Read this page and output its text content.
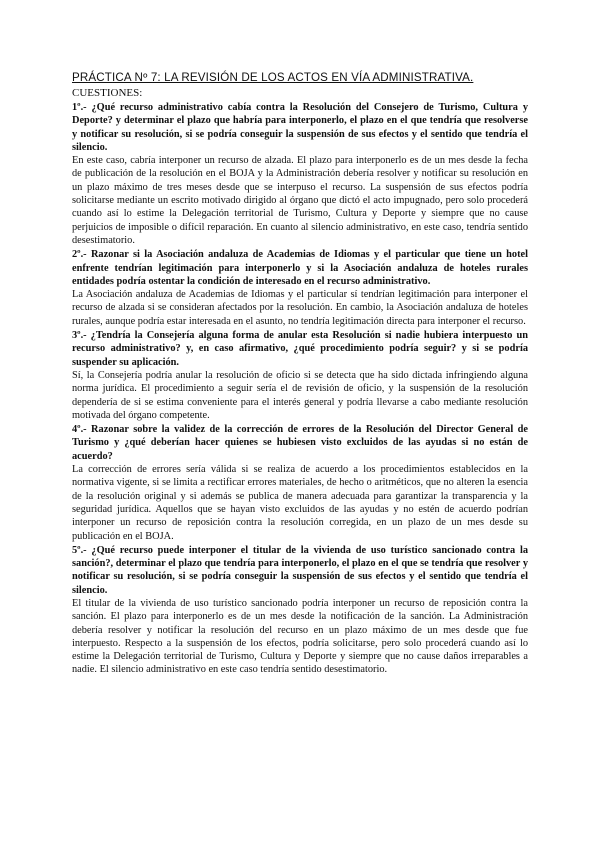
PRÁCTICA Nº 7: LA REVISIÓN DE LOS ACTOS EN VÍA ADMINISTRATIVA.
CUESTIONES:

1º.- ¿Qué recurso administrativo cabía contra la Resolución del Consejero de Turismo, Cultura y Deporte? y determinar el plazo que habría para interponerlo, el plazo en el que tendría que resolverse y notificar su resolución, si se podría conseguir la suspensión de sus efectos y el sentido que tendría el silencio.

En este caso, cabría interponer un recurso de alzada. El plazo para interponerlo es de un mes desde la fecha de publicación de la resolución en el BOJA y la Administración debería resolver y notificar su resolución en un plazo máximo de tres meses desde que se interpuso el recurso. La suspensión de sus efectos podría solicitarse mediante un escrito motivado dirigido al órgano que dictó el acto impugnado, pero solo procederá cuando así lo estime la Delegación territorial de Turismo, Cultura y Deporte y siempre que no cause perjuicios de imposible o difícil reparación. En cuanto al silencio administrativo, en este caso, tendría sentido desestimatorio.

2º.- Razonar si la Asociación andaluza de Academias de Idiomas y el particular que tiene un hotel enfrente tendrían legitimación para interponerlo y si la Asociación andaluza de hoteles rurales entidades podría ostentar la condición de interesado en el recurso administrativo.

La Asociación andaluza de Academias de Idiomas y el particular sí tendrían legitimación para interponer el recurso de alzada si se consideran afectados por la resolución. En cambio, la Asociación andaluza de hoteles rurales, aunque podría estar interesada en el asunto, no tendría legitimación directa para interponer el recurso.

3º.- ¿Tendría la Consejería alguna forma de anular esta Resolución si nadie hubiera interpuesto un recurso administrativo? y, en caso afirmativo, ¿qué procedimiento podría seguir? y si se podría suspender su aplicación.

Sí, la Consejería podría anular la resolución de oficio si se detecta que ha sido dictada infringiendo alguna norma jurídica. El procedimiento a seguir sería el de revisión de oficio, y la suspensión de la resolución dependería de si se estima conveniente para el interés general y podría llevarse a cabo mediante resolución motivada del órgano competente.

4º.- Razonar sobre la validez de la corrección de errores de la Resolución del Director General de Turismo y ¿qué deberían hacer quienes se hubiesen visto excluidos de las ayudas si no están de acuerdo?

La corrección de errores sería válida si se realiza de acuerdo a los procedimientos establecidos en la normativa vigente, si se limita a rectificar errores materiales, de hecho o aritméticos, que no alteren la esencia de la resolución original y si además se publica de manera adecuada para garantizar la transparencia y la seguridad jurídica. Aquellos que se hayan visto excluidos de las ayudas y no estén de acuerdo podrían interponer un recurso de reposición contra la resolución corregida, en un plazo de un mes desde su publicación en el BOJA.

5º.- ¿Qué recurso puede interponer el titular de la vivienda de uso turístico sancionado contra la sanción?, determinar el plazo que tendría para interponerlo, el plazo en el que se tendría que resolver y notificar su resolución, si se podría conseguir la suspensión de sus efectos y el sentido que tendría el silencio.

El titular de la vivienda de uso turístico sancionado podría interponer un recurso de reposición contra la sanción. El plazo para interponerlo es de un mes desde la notificación de la sanción. La Administración debería resolver y notificar la resolución del recurso en un plazo máximo de un mes desde que fue interpuesto. Respecto a la suspensión de los efectos, podría solicitarse, pero solo procederá cuando así lo estime la Delegación territorial de Turismo, Cultura y Deporte y siempre que no cause daños irreparables a nadie. El silencio administrativo en este caso tendría sentido desestimatorio.
